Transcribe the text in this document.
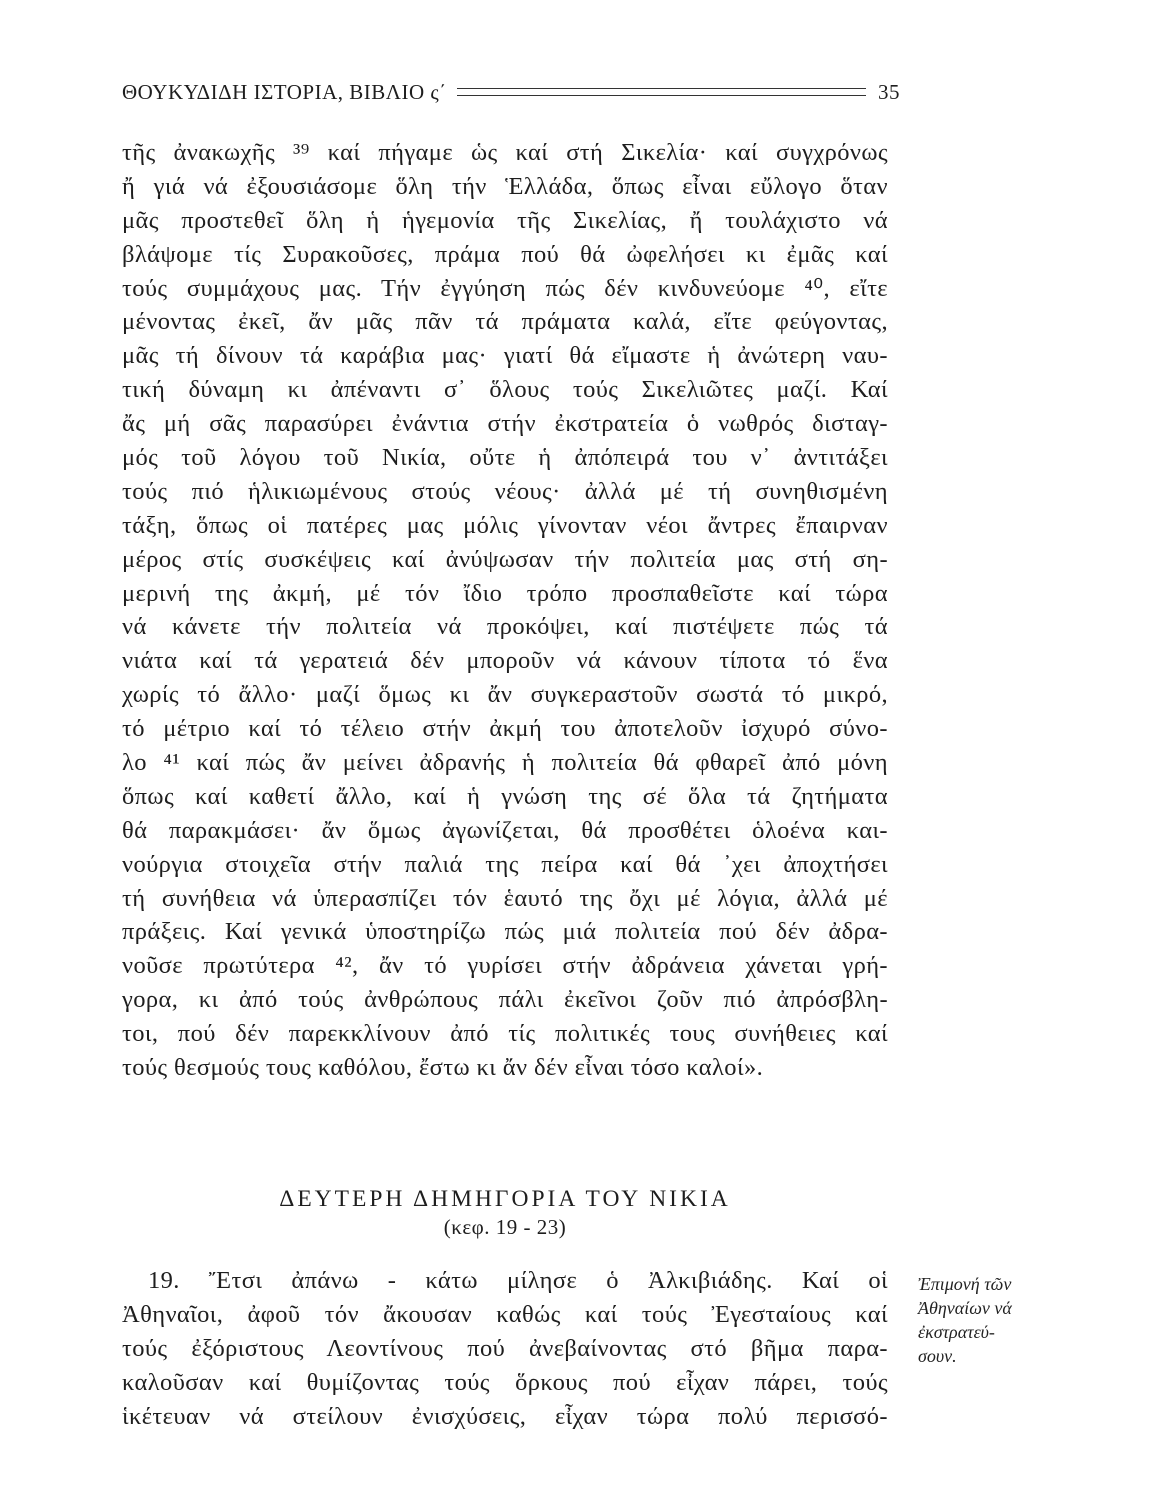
ΘΟΥΚΥΔΙΔΗ ΙΣΤΟΡΙΑ, ΒΙΒΛΙΟ ς΄	35
τῆς ἀνακωχῆς ³⁹ καί πήγαμε ὡς καί στή Σικελία· καί συγχρόνως
ἤ γιά νά ἐξουσιάσομε ὅλη τήν Ἑλλάδα, ὅπως εἶναι εὔλογο ὅταν
μᾶς προστεθεῖ ὅλη ἡ ἡγεμονία τῆς Σικελίας, ἤ τουλάχιστο νά
βλάψομε τίς Συρακοῦσες, πράμα πού θά ὠφελήσει κι ἐμᾶς καί
τούς συμμάχους μας. Τήν ἐγγύηση πώς δέν κινδυνεύομε ⁴⁰, εἴτε
μένοντας ἐκεῖ, ἄν μᾶς πᾶν τά πράματα καλά, εἴτε φεύγοντας,
μᾶς τή δίνουν τά καράβια μας· γιατί θά εἴμαστε ἡ ἀνώτερη ναυ-
τική δύναμη κι ἀπέναντι σ᾽ ὅλους τούς Σικελιῶτες μαζί. Καί
ἄς μή σᾶς παρασύρει ἐνάντια στήν ἐκστρατεία ὁ νωθρός δισταγ-
μός τοῦ λόγου τοῦ Νικία, οὔτε ἡ ἀπόπειρά του ν᾽ ἀντιτάξει
τούς πιό ἡλικιωμένους στούς νέους· ἀλλά μέ τή συνηθισμένη
τάξη, ὅπως οἱ πατέρες μας μόλις γίνονταν νέοι ἄντρες ἔπαιρναν
μέρος στίς συσκέψεις καί ἀνύψωσαν τήν πολιτεία μας στή ση-
μερινή της ἀκμή, μέ τόν ἴδιο τρόπο προσπαθεῖστε καί τώρα
νά κάνετε τήν πολιτεία νά προκόψει, καί πιστέψετε πώς τά
νιάτα καί τά γερατειά δέν μποροῦν νά κάνουν τίποτα τό ἕνα
χωρίς τό ἄλλο· μαζί ὅμως κι ἄν συγκεραστοῦν σωστά τό μικρό,
τό μέτριο καί τό τέλειο στήν ἀκμή του ἀποτελοῦν ἰσχυρό σύνο-
λο ⁴¹ καί πώς ἄν μείνει ἀδρανής ἡ πολιτεία θά φθαρεῖ ἀπό μόνη
ὅπως καί καθετί ἄλλο, καί ἡ γνώση της σέ ὅλα τά ζητήματα
θά παρακμάσει· ἄν ὅμως ἀγωνίζεται, θά προσθέτει ὁλοένα και-
νούργια στοιχεῖα στήν παλιά της πείρα καί θά ᾽χει ἀποχτήσει
τή συνήθεια νά ὑπερασπίζει τόν ἑαυτό της ὄχι μέ λόγια, ἀλλά μέ
πράξεις. Καί γενικά ὑποστηρίζω πώς μιά πολιτεία πού δέν ἀδρα-
νοῦσε πρωτύτερα ⁴², ἄν τό γυρίσει στήν ἀδράνεια χάνεται γρή-
γορα, κι ἀπό τούς ἀνθρώπους πάλι ἐκεῖνοι ζοῦν πιό ἀπρόσβλη-
τοι, πού δέν παρεκκλίνουν ἀπό τίς πολιτικές τους συνήθειες καί
τούς θεσμούς τους καθόλου, ἔστω κι ἄν δέν εἶναι τόσο καλοί».
ΔΕΥΤΕΡΗ ΔΗΜΗΓΟΡΙΑ ΤΟΥ ΝΙΚΙΑ
(κεφ. 19 - 23)
19. Ἔτσι ἀπάνω - κάτω μίλησε ὁ Ἀλκιβιάδης. Καί οἱ
Ἀθηναῖοι, ἀφοῦ τόν ἄκουσαν καθώς καί τούς Ἐγεσταίους καί
τούς ἐξόριστους Λεοντίνους πού ἀνεβαίνοντας στό βῆμα παρα-
καλοῦσαν καί θυμίζοντας τούς ὅρκους πού εἶχαν πάρει, τούς
ἱκέτευαν νά στείλουν ἐνισχύσεις, εἶχαν τώρα πολύ περισσό-
Ἐπιμονή τῶν
Ἀθηναίων νά
ἐκστρατεύ-
σουν.
